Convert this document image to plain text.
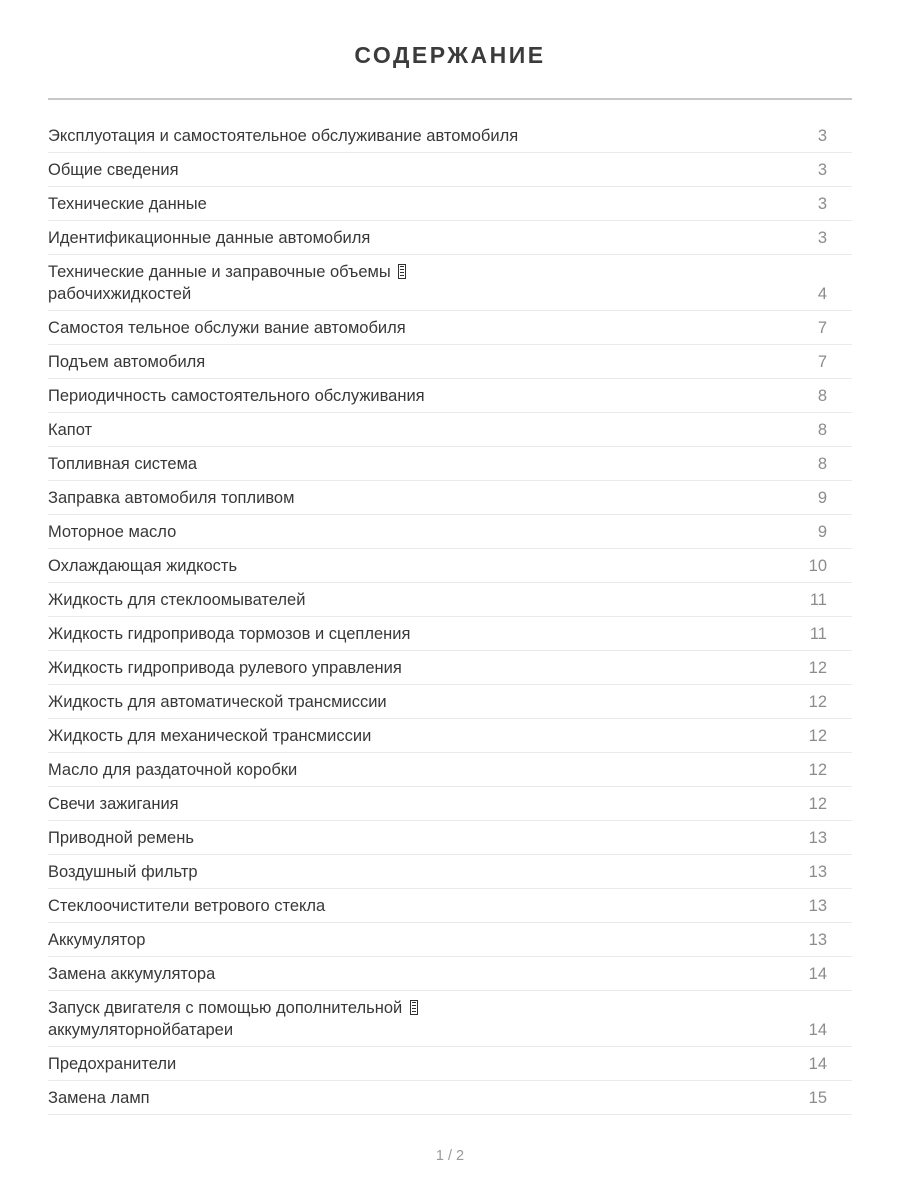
СОДЕРЖАНИЕ
Эксплуотация и самостоятельное обслуживание автомобиля	3
Общие сведения	3
Технические данные	3
Идентификационные данные автомобиля	3
Технические данные и заправочные объемы
рабочихжидкостей	4
Самостоя тельное обслужи вание автомобиля	7
Подъем автомобиля	7
Периодичность самостоятельного обслуживания	8
Капот	8
Топливная система	8
Заправка автомобиля топливом	9
Моторное масло	9
Охлаждающая жидкость	10
Жидкость для стеклоомывателей	11
Жидкость гидропривода тормозов и сцепления	11
Жидкость гидропривода рулевого управления	12
Жидкость для автоматической трансмиссии	12
Жидкость для механической трансмиссии	12
Масло для раздаточной коробки	12
Свечи зажигания	12
Приводной ремень	13
Воздушный фильтр	13
Стеклоочистители ветрового стекла	13
Аккумулятор	13
Замена аккумулятора	14
Запуск двигателя с помощью дополнительной
аккумуляторнойбатареи	14
Предохранители	14
Замена ламп	15
1 / 2
